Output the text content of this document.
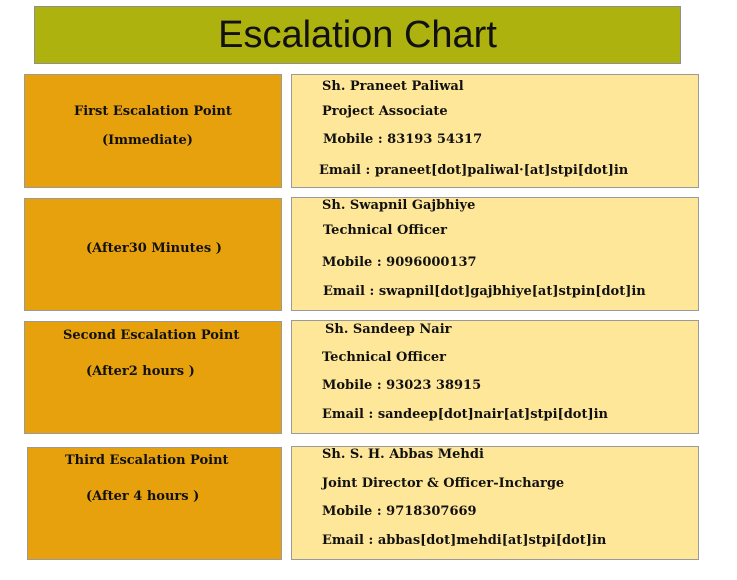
Escalation Chart
First Escalation Point
(Immediate)
Sh. Praneet Paliwal
Project Associate
Mobile : 83193 54317
Email : praneet[dot]paliwal·[at]stpi[dot]in
(After30 Minutes )
Sh. Swapnil Gajbhiye
Technical Officer
Mobile : 9096000137
Email : swapnil[dot]gajbhiye[at]stpin[dot]in
Second Escalation Point
(After2 hours )
Sh. Sandeep Nair
Technical Officer
Mobile : 93023 38915
Email : sandeep[dot]nair[at]stpi[dot]in
Third Escalation Point
(After 4 hours )
Sh. S. H. Abbas Mehdi
Joint Director & Officer-Incharge
Mobile : 9718307669
Email : abbas[dot]mehdi[at]stpi[dot]in
